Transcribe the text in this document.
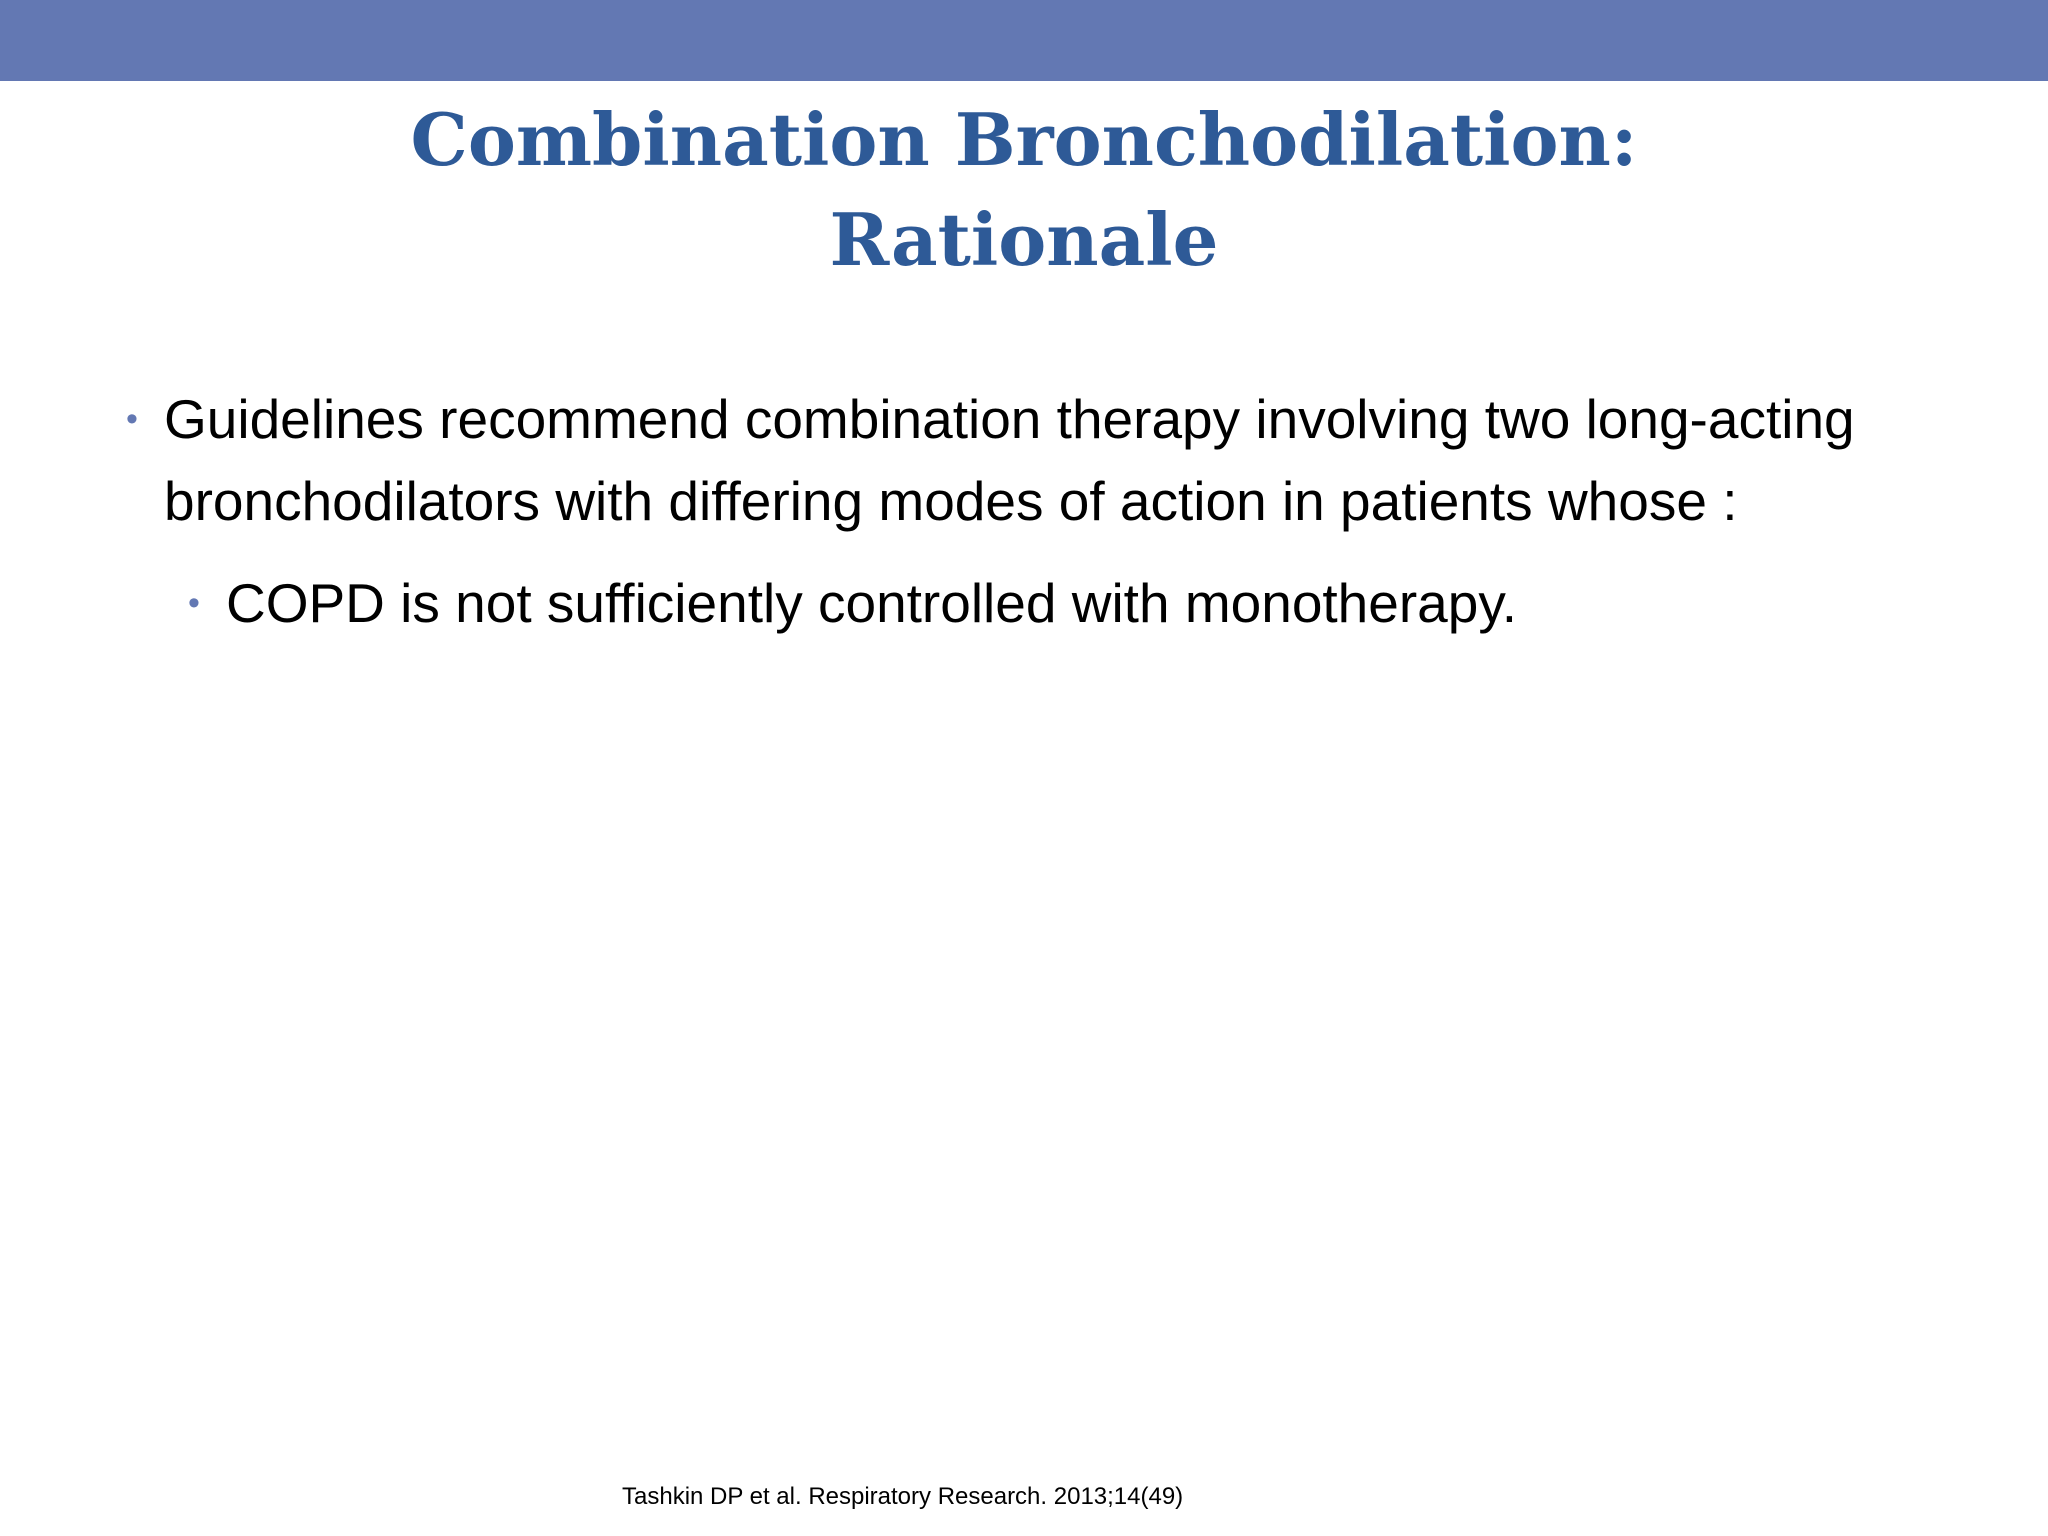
Combination Bronchodilation:
Rationale
• Guidelines recommend combination therapy involving two long-acting bronchodilators with differing modes of action in patients whose :
• COPD is not sufficiently controlled with monotherapy.
Tashkin DP et al. Respiratory Research. 2013;14(49)
